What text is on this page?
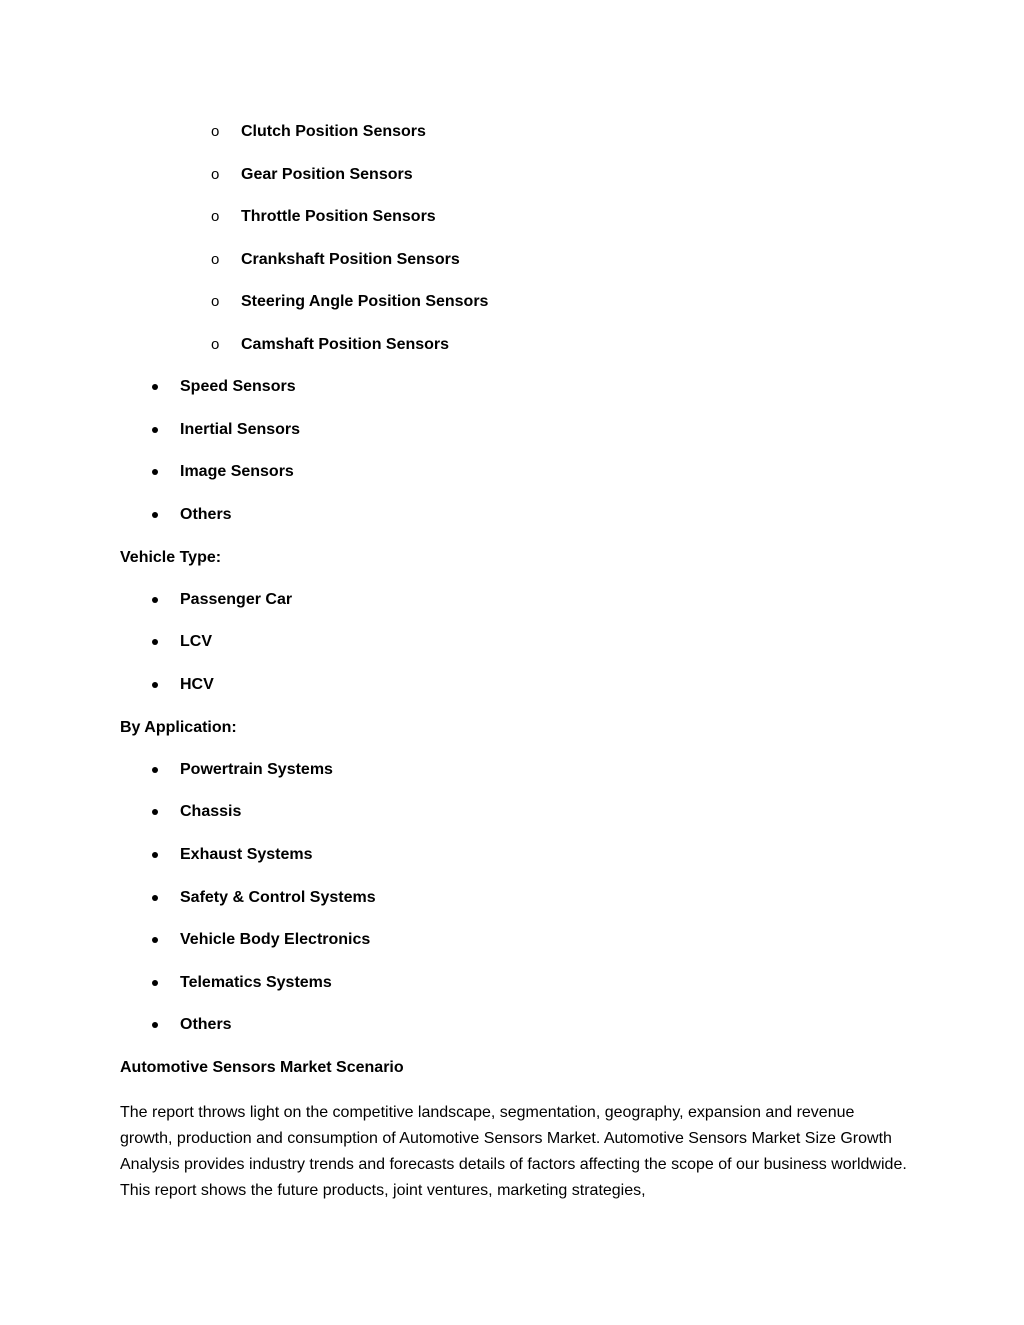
o Clutch Position Sensors
o Gear Position Sensors
o Throttle Position Sensors
o Crankshaft Position Sensors
o Steering Angle Position Sensors
o Camshaft Position Sensors
Speed Sensors
Inertial Sensors
Image Sensors
Others
Vehicle Type:
Passenger Car
LCV
HCV
By Application:
Powertrain Systems
Chassis
Exhaust Systems
Safety & Control Systems
Vehicle Body Electronics
Telematics Systems
Others
Automotive Sensors Market Scenario

The report throws light on the competitive landscape, segmentation, geography, expansion and revenue growth, production and consumption of Automotive Sensors Market. Automotive Sensors Market Size Growth Analysis provides industry trends and forecasts details of factors affecting the scope of our business worldwide. This report shows the future products, joint ventures, marketing strategies,
